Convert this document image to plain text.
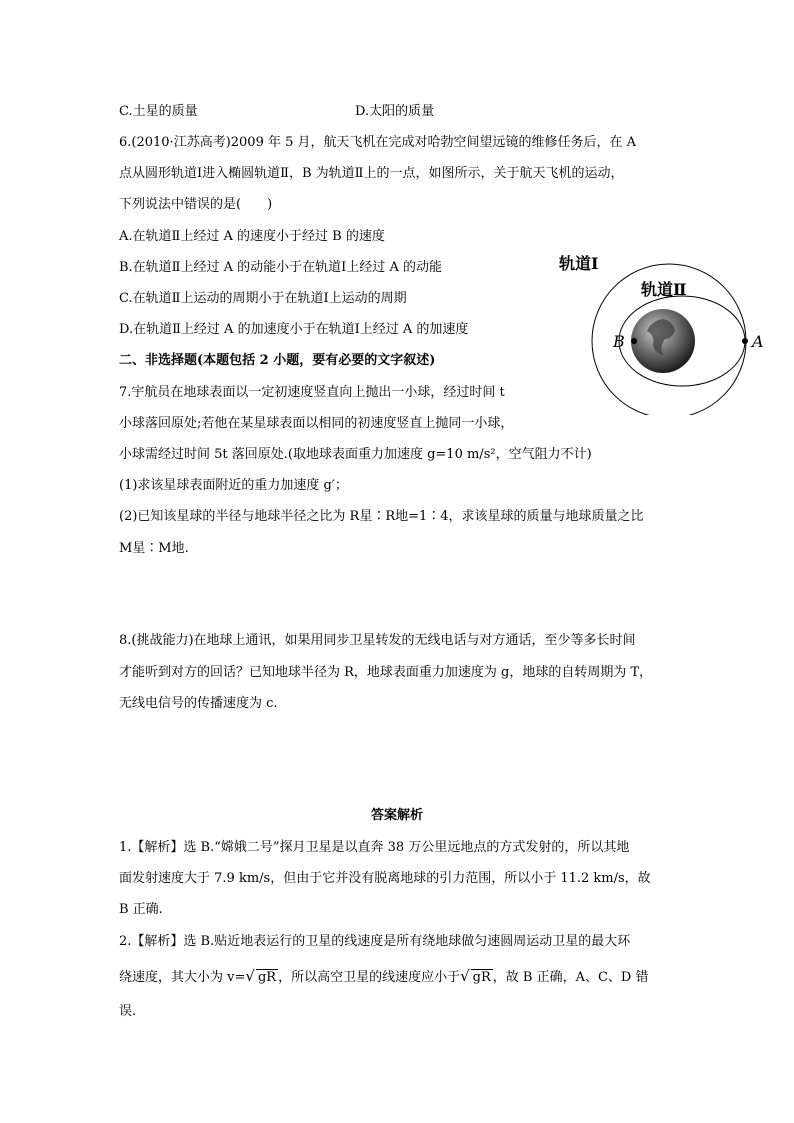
C.土星的质量	D.太阳的质量
6.(2010·江苏高考)2009 年 5 月，航天飞机在完成对哈勃空间望远镜的维修任务后，在 A
点从圆形轨道Ⅰ进入椭圆轨道Ⅱ，B 为轨道Ⅱ上的一点，如图所示，关于航天飞机的运动，
下列说法中错误的是(　　)
A.在轨道Ⅱ上经过 A 的速度小于经过 B 的速度
B.在轨道Ⅱ上经过 A 的动能小于在轨道Ⅰ上经过 A 的动能
C.在轨道Ⅱ上运动的周期小于在轨道Ⅰ上运动的周期
D.在轨道Ⅱ上经过 A 的加速度小于在轨道Ⅰ上经过 A 的加速度
二、非选择题(本题包括 2 小题，要有必要的文字叙述)
7.宇航员在地球表面以一定初速度竖直向上抛出一小球，经过时间 t
小球落回原处;若他在某星球表面以相同的初速度竖直上抛同一小球，
小球需经过时间 5t 落回原处.(取地球表面重力加速度 g=10 m/s²，空气阻力不计)
(1)求该星球表面附近的重力加速度 g′；
(2)已知该星球的半径与地球半径之比为 R星∶R地=1∶4，求该星球的质量与地球质量之比
M星∶M地.
8.(挑战能力)在地球上通讯，如果用同步卫星转发的无线电话与对方通话，至少等多长时间
才能听到对方的回话？已知地球半径为 R，地球表面重力加速度为 g，地球的自转周期为 T，
无线电信号的传播速度为 c.
答案解析
1.【解析】选 B.“嫦娥二号”探月卫星是以直奔 38 万公里远地点的方式发射的，所以其地
面发射速度大于 7.9 km/s，但由于它并没有脱离地球的引力范围，所以小于 11.2 km/s，故
B 正确.
2.【解析】选 B.贴近地表运行的卫星的线速度是所有绕地球做匀速圆周运动卫星的最大环
绕速度，其大小为 v=√ gR ，所以高空卫星的线速度应小于√ gR ，故 B 正确，A、C、D 错
误.
轨道Ⅰ
轨道Ⅱ
B	A
